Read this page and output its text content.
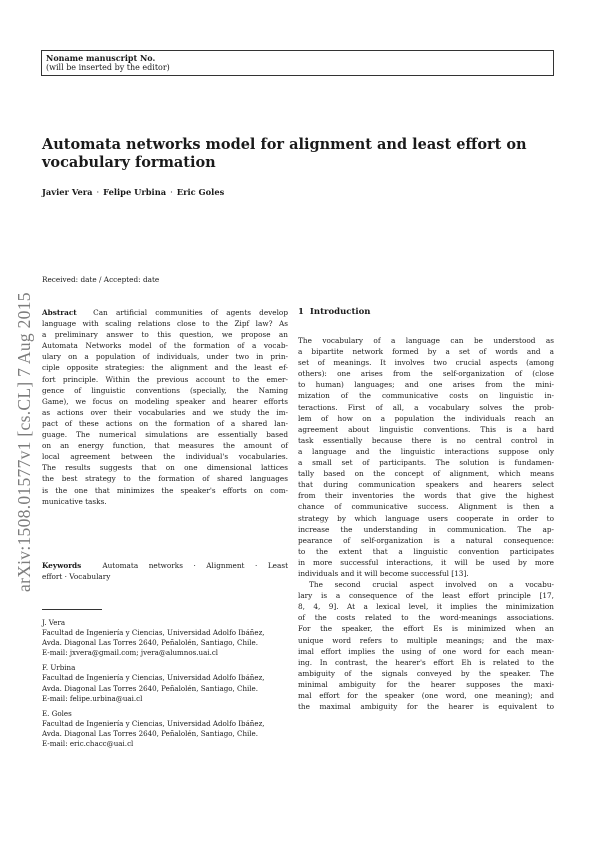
Noname manuscript No.
(will be inserted by the editor)
arXiv:1508.01577v1 [cs.CL] 7 Aug 2015
Automata networks model for alignment and least effort on
vocabulary formation
Javier Vera · Felipe Urbina · Eric Goles
Received: date / Accepted: date
Abstract Can artificial communities of agents develop
language with scaling relations close to the Zipf law? As
a preliminary answer to this question, we propose an
Automata Networks model of the formation of a vocab-
ulary on a population of individuals, under two in prin-
ciple opposite strategies: the alignment and the least ef-
fort principle. Within the previous account to the emer-
gence of linguistic conventions (specially, the Naming
Game), we focus on modeling speaker and hearer efforts
as actions over their vocabularies and we study the im-
pact of these actions on the formation of a shared lan-
guage. The numerical simulations are essentially based
on an energy function, that measures the amount of
local agreement between the individual's vocabularies.
The results suggests that on one dimensional lattices
the best strategy to the formation of shared languages
is the one that minimizes the speaker's efforts on com-
municative tasks.
Keywords	Automata networks · Alignment · Least
effort · Vocabulary
J. Vera
Facultad de Ingeniería y Ciencias, Universidad Adolfo Ibáñez,
Avda. Diagonal Las Torres 2640, Peñalolén, Santiago, Chile.
E-mail: jxvera@gmail.com; jvera@alumnos.uai.cl
F. Urbina
Facultad de Ingeniería y Ciencias, Universidad Adolfo Ibáñez,
Avda. Diagonal Las Torres 2640, Peñalolén, Santiago, Chile.
E-mail: felipe.urbina@uai.cl
E. Goles
Facultad de Ingeniería y Ciencias, Universidad Adolfo Ibáñez,
Avda. Diagonal Las Torres 2640, Peñalolén, Santiago, Chile.
E-mail: eric.chacc@uai.cl
1 Introduction
The vocabulary of a language can be understood as
a bipartite network formed by a set of words and a
set of meanings. It involves two crucial aspects (among
others): one arises from the self-organization of (close
to human) languages; and one arises from the mini-
mization of the communicative costs on linguistic in-
teractions. First of all, a vocabulary solves the prob-
lem of how on a population the individuals reach an
agreement about linguistic conventions. This is a hard
task essentially because there is no central control in
a language and the linguistic interactions suppose only
a small set of participants. The solution is fundamen-
tally based on the concept of alignment, which means
that during communication speakers and hearers select
from their inventories the words that give the highest
chance of communicative success. Alignment is then a
strategy by which language users cooperate in order to
increase the understanding in communication. The ap-
pearance of self-organization is a natural consequence:
to the extent that a linguistic convention participates
in more successful interactions, it will be used by more
individuals and it will become successful [13].
The second crucial aspect involved on a vocabu-
lary is a consequence of the least effort principle [17,
8, 4, 9]. At a lexical level, it implies the minimization
of the costs related to the word-meanings associations.
For the speaker, the effort Es is minimized when an
unique word refers to multiple meanings; and the max-
imal effort implies the using of one word for each mean-
ing. In contrast, the hearer's effort Eh is related to the
ambiguity of the signals conveyed by the speaker. The
minimal ambiguity for the hearer supposes the maxi-
mal effort for the speaker (one word, one meaning); and
the maximal ambiguity for the hearer is equivalent to
